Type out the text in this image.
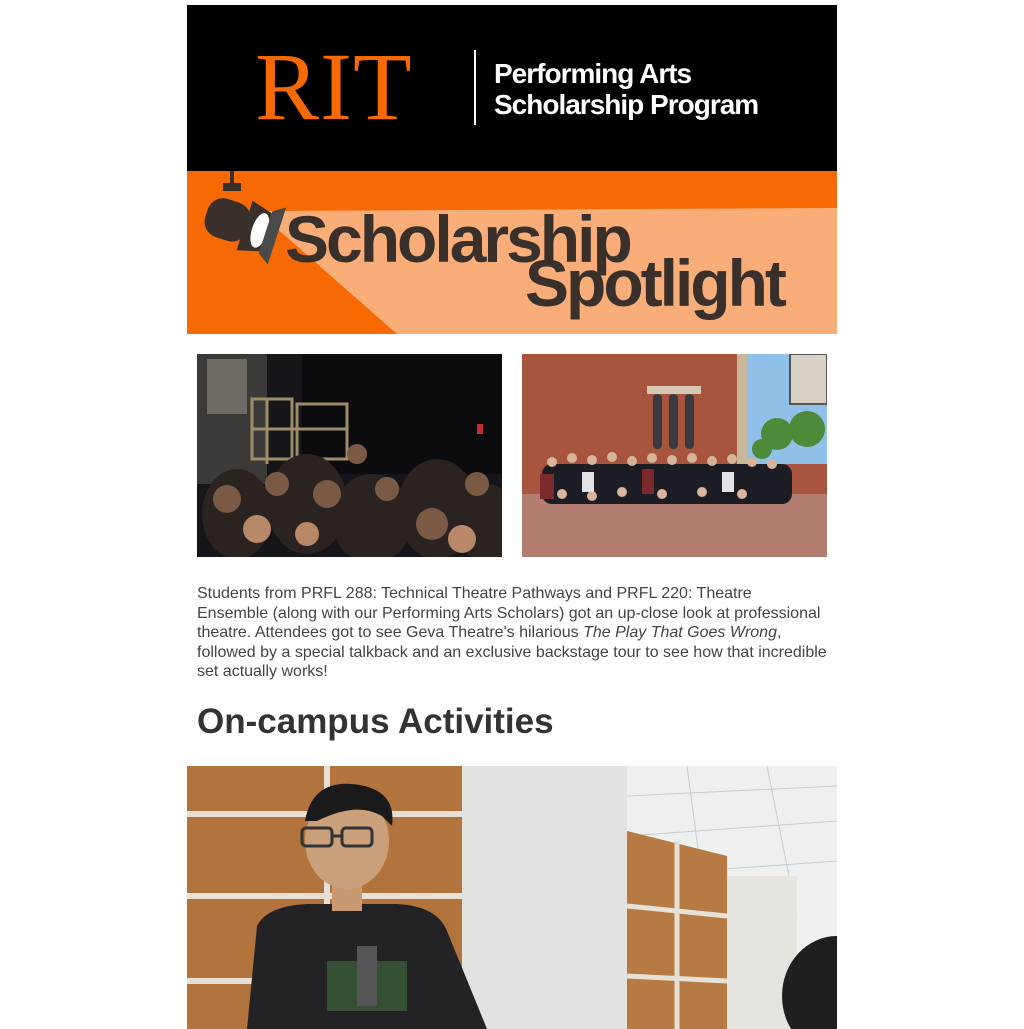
RIT	Performing Arts
Scholarship Program
Scholarship
Spotlight
Students from PRFL 288: Technical Theatre Pathways and PRFL 220: Theatre Ensemble (along with our Performing Arts Scholars) got an up-close look at professional theatre. Attendees got to see Geva Theatre's hilarious The Play That Goes Wrong, followed by a special talkback and an exclusive backstage tour to see how that incredible set actually works!
On-campus Activities
